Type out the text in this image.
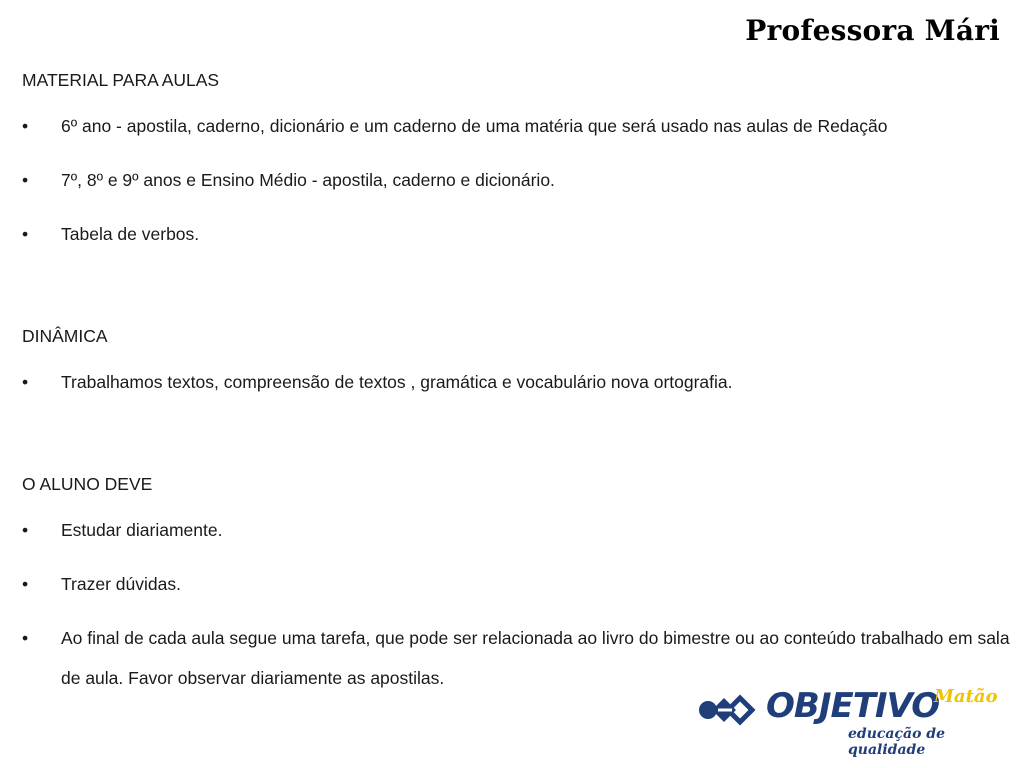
Professora Mári
MATERIAL PARA AULAS
• 6º ano - apostila, caderno, dicionário e um caderno de uma matéria que será usado nas aulas de Redação
• 7º, 8º e 9º anos e Ensino Médio - apostila, caderno e dicionário.
• Tabela de verbos.
DINÂMICA
• Trabalhamos textos, compreensão de textos , gramática e vocabulário nova ortografia.
O ALUNO DEVE
• Estudar diariamente.
• Trazer dúvidas.
• Ao final de cada aula segue uma tarefa, que pode ser relacionada ao livro do bimestre ou ao conteúdo trabalhado em sala de aula. Favor observar diariamente as apostilas.
OBJETIVO
Matão
educação de qualidade
